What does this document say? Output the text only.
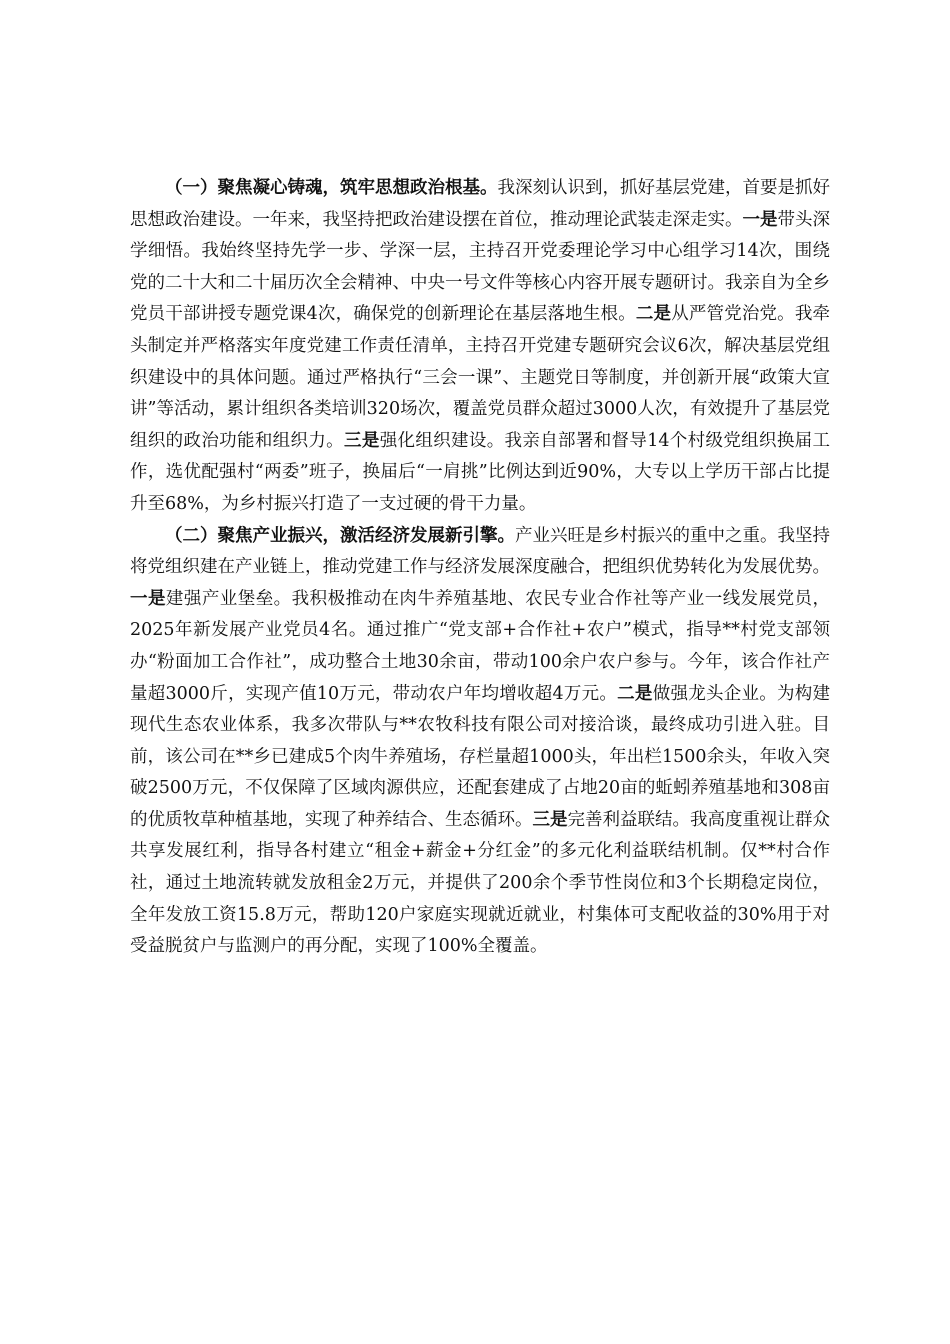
（一）聚焦凝心铸魂，筑牢思想政治根基。我深刻认识到，抓好基层党建，首要是抓好思想政治建设。一年来，我坚持把政治建设摆在首位，推动理论武装走深走实。一是带头深学细悟。我始终坚持先学一步、学深一层，主持召开党委理论学习中心组学习14次，围绕党的二十大和二十届历次全会精神、中央一号文件等核心内容开展专题研讨。我亲自为全乡党员干部讲授专题党课4次，确保党的创新理论在基层落地生根。二是从严管党治党。我牵头制定并严格落实年度党建工作责任清单，主持召开党建专题研究会议6次，解决基层党组织建设中的具体问题。通过严格执行“三会一课”、主题党日等制度，并创新开展“政策大宣讲”等活动，累计组织各类培训320场次，覆盖党员群众超过3000人次，有效提升了基层党组织的政治功能和组织力。三是强化组织建设。我亲自部署和督导14个村级党组织换届工作，选优配强村“两委”班子，换届后“一肩挑”比例达到近90%，大专以上学历干部占比提升至68%，为乡村振兴打造了一支过硬的骨干力量。

（二）聚焦产业振兴，激活经济发展新引擎。产业兴旺是乡村振兴的重中之重。我坚持将党组织建在产业链上，推动党建工作与经济发展深度融合，把组织优势转化为发展优势。一是建强产业堡垒。我积极推动在肉牛养殖基地、农民专业合作社等产业一线发展党员，2025年新发展产业党员4名。通过推广“党支部+合作社+农户”模式，指导**村党支部领办“粉面加工合作社”，成功整合土地30余亩，带动100余户农户参与。今年，该合作社产量超3000斤，实现产值10万元，带动农户年均增收超4万元。二是做强龙头企业。为构建现代生态农业体系，我多次带队与**农牧科技有限公司对接洽谈，最终成功引进入驻。目前，该公司在**乡已建成5个肉牛养殖场，存栏量超1000头，年出栏1500余头，年收入突破2500万元，不仅保障了区域肉源供应，还配套建成了占地20亩的蚯蚓养殖基地和308亩的优质牧草种植基地，实现了种养结合、生态循环。三是完善利益联结。我高度重视让群众共享发展红利，指导各村建立“租金+薪金+分红金”的多元化利益联结机制。仅**村合作社，通过土地流转就发放租金2万元，并提供了200余个季节性岗位和3个长期稳定岗位，全年发放工资15.8万元，帮助120户家庭实现就近就业，村集体可支配收益的30%用于对受益脱贫户与监测户的再分配，实现了100%全覆盖。
